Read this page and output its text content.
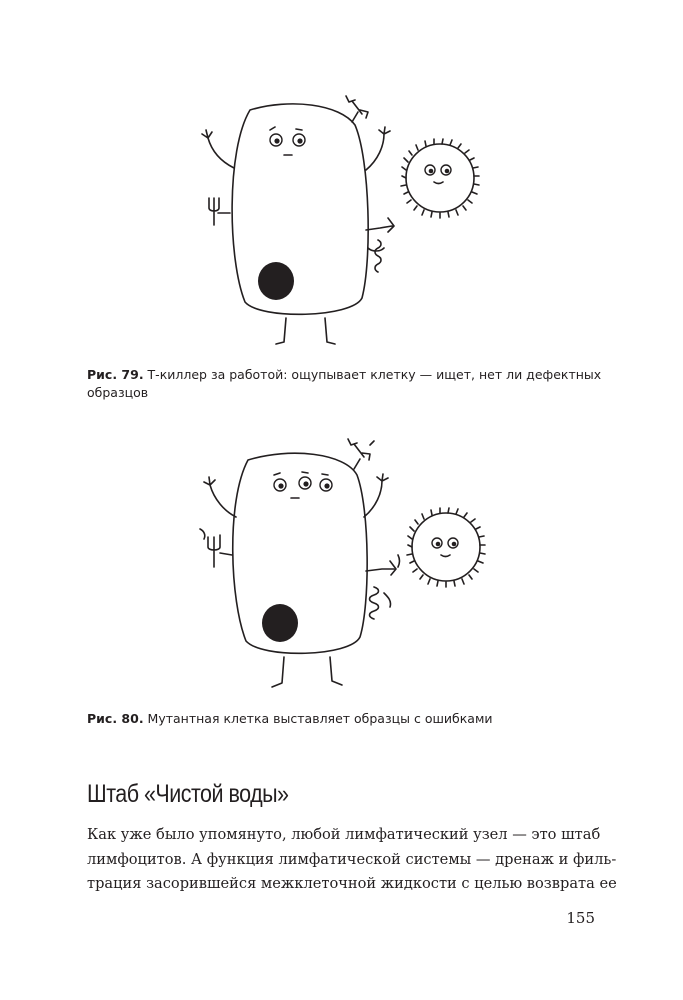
Рис. 79. Т-киллер за работой: ощупывает клетку — ищет, нет ли дефектных образцов
Рис. 80. Мутантная клетка выставляет образцы с ошибками
Штаб «Чистой воды»
Как уже было упомянуто, любой лимфатический узел — это штаб
лимфоцитов. А функция лимфатической системы — дренаж и филь-
трация засорившейся межклеточной жидкости с целью возврата ее
155
